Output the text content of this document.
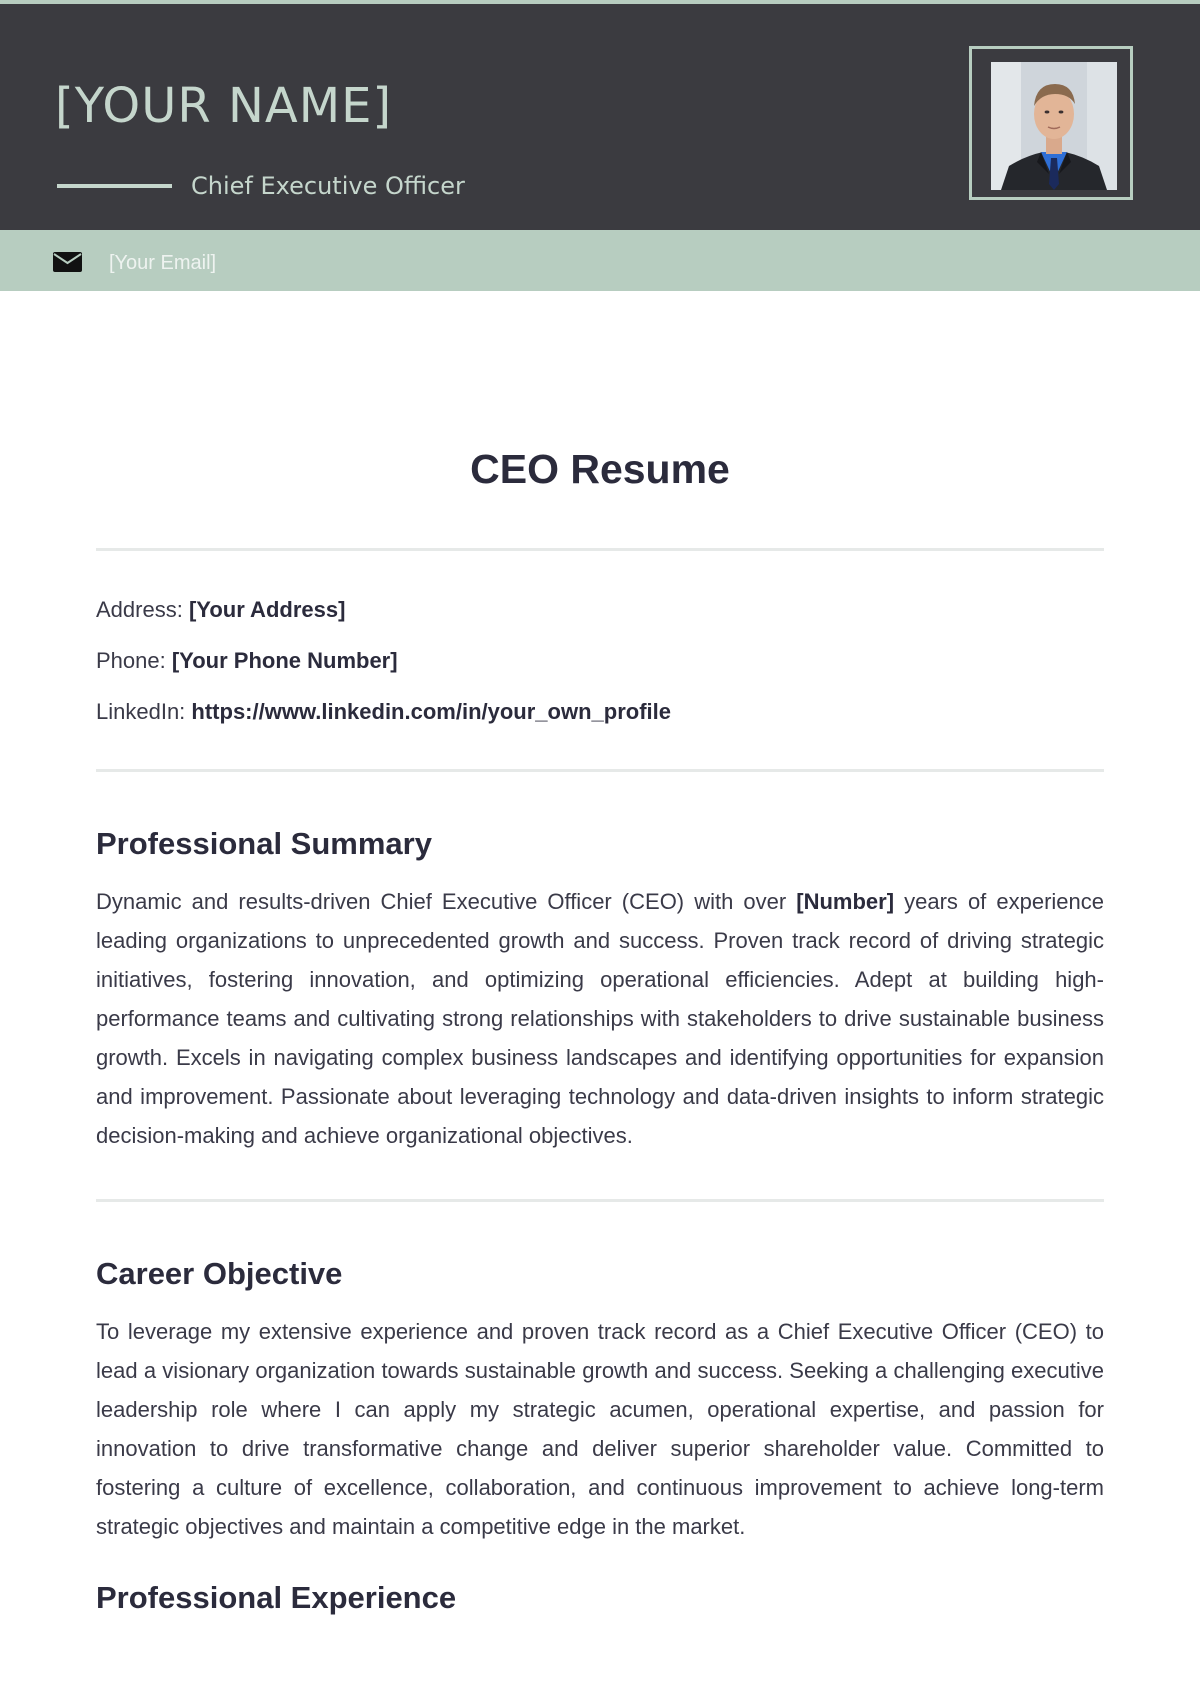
[YOUR NAME]
Chief Executive Officer
[Your Email]
CEO Resume
Address: [Your Address]
Phone: [Your Phone Number]
LinkedIn: https://www.linkedin.com/in/your_own_profile
Professional Summary

Dynamic and results-driven Chief Executive Officer (CEO) with over [Number] years of experience leading organizations to unprecedented growth and success. Proven track record of driving strategic initiatives, fostering innovation, and optimizing operational efficiencies. Adept at building high-performance teams and cultivating strong relationships with stakeholders to drive sustainable business growth. Excels in navigating complex business landscapes and identifying opportunities for expansion and improvement. Passionate about leveraging technology and data-driven insights to inform strategic decision-making and achieve organizational objectives.

Career Objective

To leverage my extensive experience and proven track record as a Chief Executive Officer (CEO) to lead a visionary organization towards sustainable growth and success. Seeking a challenging executive leadership role where I can apply my strategic acumen, operational expertise, and passion for innovation to drive transformative change and deliver superior shareholder value. Committed to fostering a culture of excellence, collaboration, and continuous improvement to achieve long-term strategic objectives and maintain a competitive edge in the market.

Professional Experience
